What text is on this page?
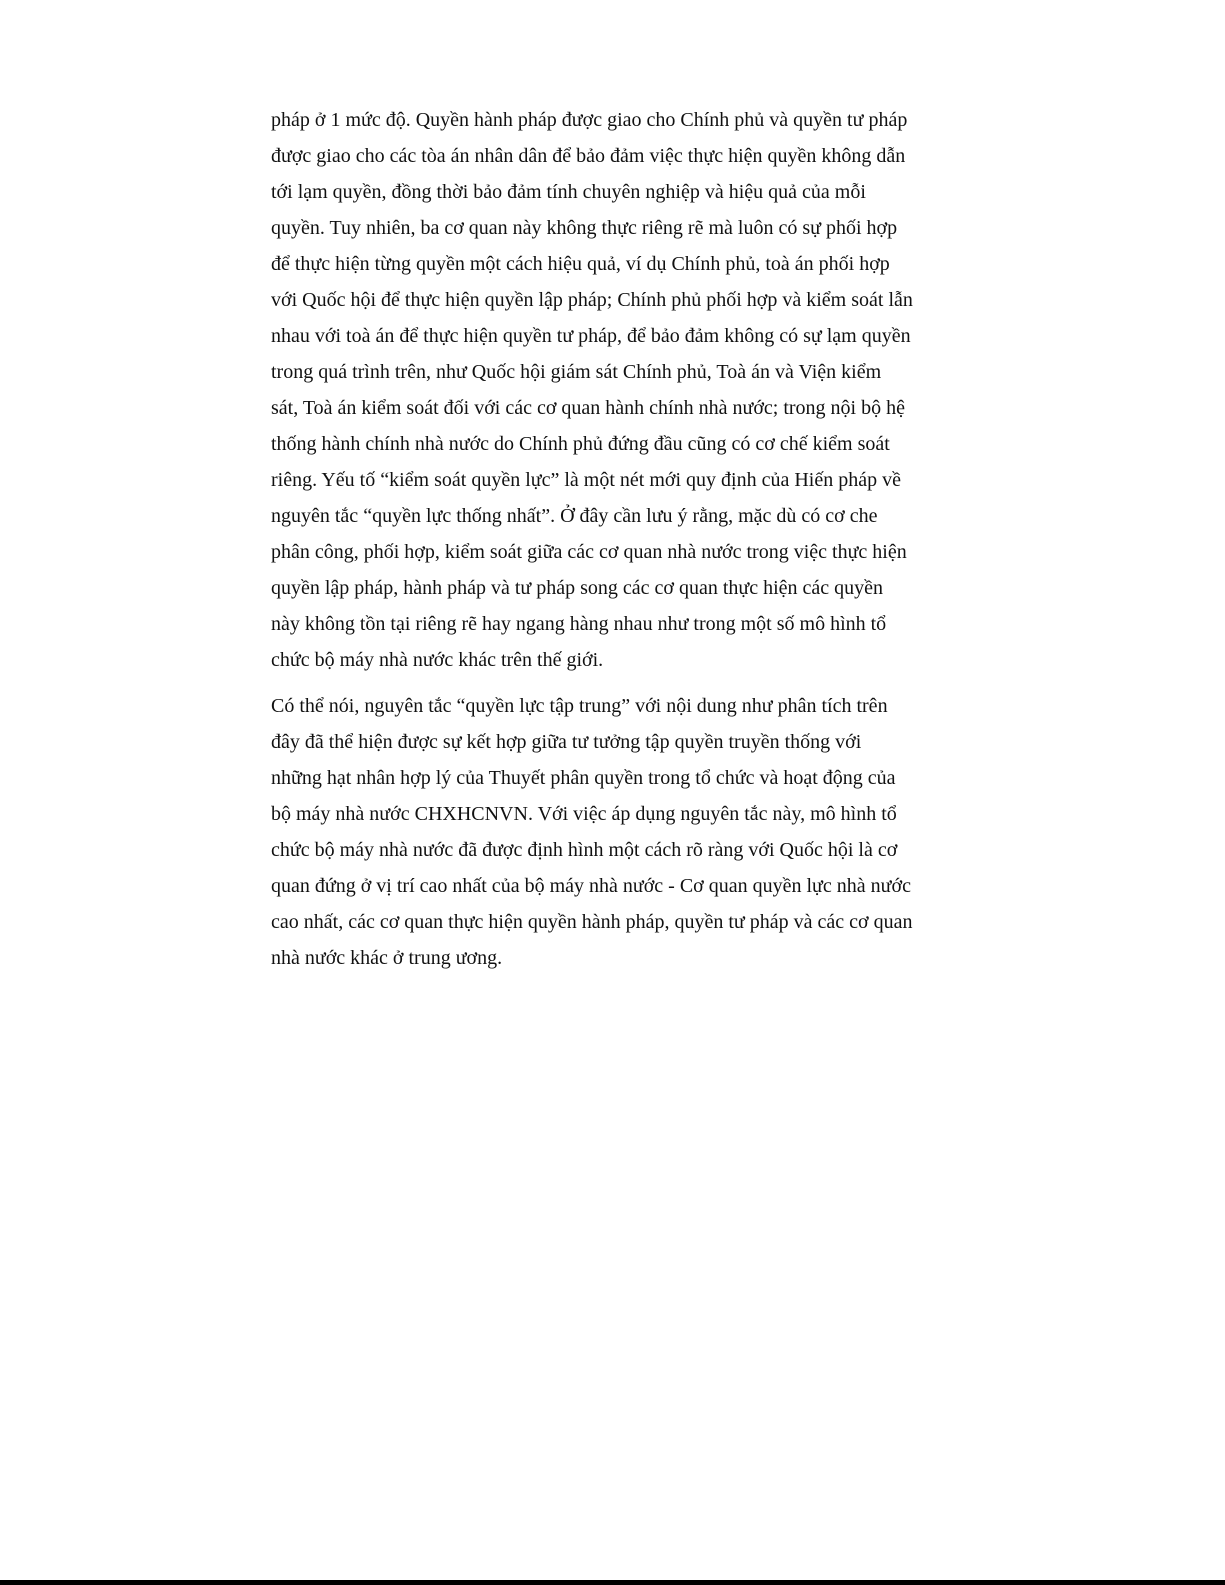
pháp ở 1 mức độ. Quyền hành pháp được giao cho Chính phủ và quyền tư pháp
được giao cho các tòa án nhân dân để bảo đảm việc thực hiện quyền không dẫn
tới lạm quyền, đồng thời bảo đảm tính chuyên nghiệp và hiệu quả của mỗi
quyền. Tuy nhiên, ba cơ quan này không thực riêng rẽ mà luôn có sự phối hợp
để thực hiện từng quyền một cách hiệu quả, ví dụ Chính phủ, toà án phối hợp
với Quốc hội để thực hiện quyền lập pháp; Chính phủ phối hợp và kiểm soát lẫn
nhau với toà án để thực hiện quyền tư pháp, để bảo đảm không có sự lạm quyền
trong quá trình trên, như Quốc hội giám sát Chính phủ, Toà án và Viện kiểm
sát, Toà án kiểm soát đối với các cơ quan hành chính nhà nước; trong nội bộ hệ
thống hành chính nhà nước do Chính phủ đứng đầu cũng có cơ chế kiểm soát
riêng. Yếu tố “kiểm soát quyền lực” là một nét mới quy định của Hiến pháp về
nguyên tắc “quyền lực thống nhất”. Ở đây cần lưu ý rằng, mặc dù có cơ che
phân công, phối hợp, kiểm soát giữa các cơ quan nhà nước trong việc thực hiện
quyền lập pháp, hành pháp và tư pháp song các cơ quan thực hiện các quyền
này không tồn tại riêng rẽ hay ngang hàng nhau như trong một số mô hình tổ
chức bộ máy nhà nước khác trên thế giới.

Có thể nói, nguyên tắc “quyền lực tập trung” với nội dung như phân tích trên
đây đã thể hiện được sự kết hợp giữa tư tưởng tập quyền truyền thống với
những hạt nhân hợp lý của Thuyết phân quyền trong tổ chức và hoạt động của
bộ máy nhà nước CHXHCNVN. Với việc áp dụng nguyên tắc này, mô hình tổ
chức bộ máy nhà nước đã được định hình một cách rõ ràng với Quốc hội là cơ
quan đứng ở vị trí cao nhất của bộ máy nhà nước - Cơ quan quyền lực nhà nước
cao nhất, các cơ quan thực hiện quyền hành pháp, quyền tư pháp và các cơ quan
nhà nước khác ở trung ương.
